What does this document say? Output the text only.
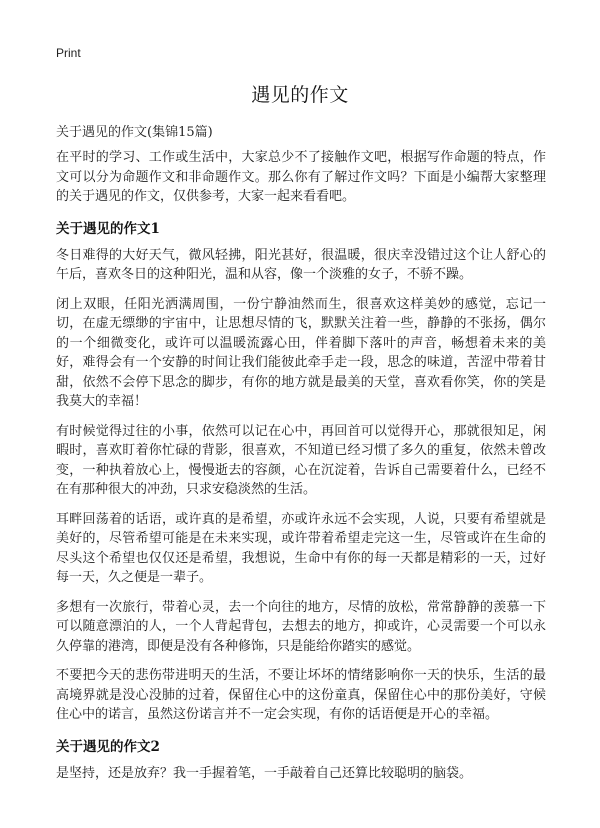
Print
遇见的作文
关于遇见的作文(集锦15篇)

在平时的学习、工作或生活中，大家总少不了接触作文吧，根据写作命题的特点，作文可以分为命题作文和非命题作文。那么你有了解过作文吗？下面是小编帮大家整理的关于遇见的作文，仅供参考，大家一起来看看吧。

关于遇见的作文1

冬日难得的大好天气，微风轻拂，阳光甚好，很温暖，很庆幸没错过这个让人舒心的午后，喜欢冬日的这种阳光，温和从容，像一个淡雅的女子，不骄不躁。

闭上双眼，任阳光洒满周围，一份宁静油然而生，很喜欢这样美妙的感觉，忘记一切，在虚无缥缈的宇宙中，让思想尽情的飞，默默关注着一些，静静的不张扬，偶尔的一个细微变化，或许可以温暖流露心田，伴着脚下落叶的声音，畅想着未来的美好，难得会有一个安静的时间让我们能彼此牵手走一段，思念的味道，苦涩中带着甘甜，依然不会停下思念的脚步，有你的地方就是最美的天堂，喜欢看你笑，你的笑是我莫大的幸福！

有时候觉得过往的小事，依然可以记在心中，再回首可以觉得开心，那就很知足，闲暇时，喜欢盯着你忙碌的背影，很喜欢，不知道已经习惯了多久的重复，依然未曾改变，一种执着放心上，慢慢逝去的容颜，心在沉淀着，告诉自己需要着什么，已经不在有那种很大的冲劲，只求安稳淡然的生活。

耳畔回荡着的话语，或许真的是希望，亦或许永远不会实现，人说，只要有希望就是美好的，尽管希望可能是在未来实现，或许带着希望走完这一生，尽管或许在生命的尽头这个希望也仅仅还是希望，我想说，生命中有你的每一天都是精彩的一天，过好每一天，久之便是一辈子。

多想有一次旅行，带着心灵，去一个向往的地方，尽情的放松，常常静静的羡慕一下可以随意漂泊的人，一个人背起背包，去想去的地方，抑或许，心灵需要一个可以永久停靠的港湾，即便是没有各种修饰，只是能给你踏实的感觉。

不要把今天的悲伤带进明天的生活，不要让坏坏的情绪影响你一天的快乐，生活的最高境界就是没心没肺的过着，保留住心中的这份童真，保留住心中的那份美好，守候住心中的诺言，虽然这份诺言并不一定会实现，有你的话语便是开心的幸福。

关于遇见的作文2

是坚持，还是放弃？我一手握着笔，一手敲着自己还算比较聪明的脑袋。
